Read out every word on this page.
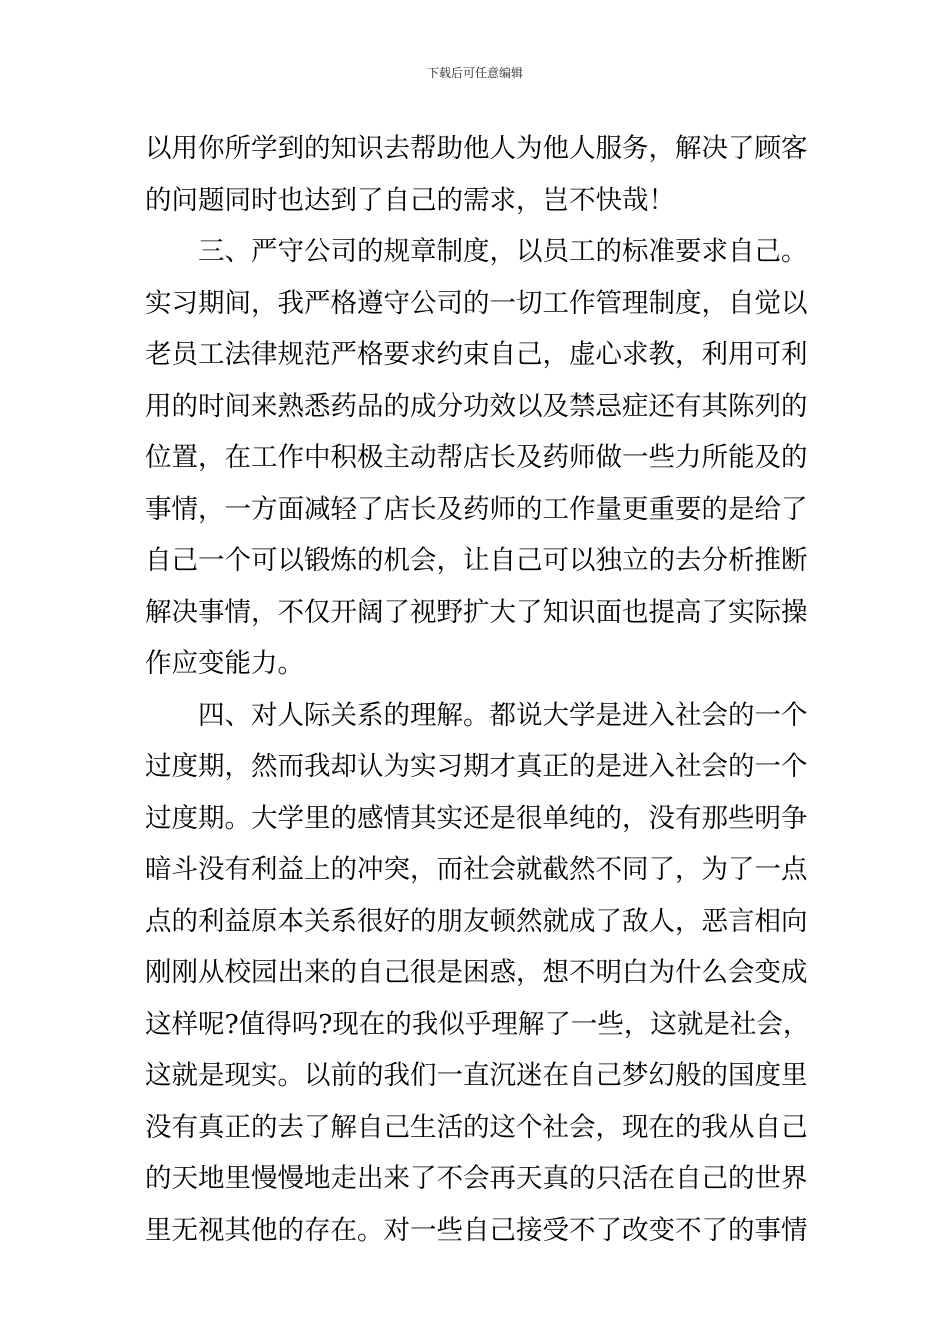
下载后可任意编辑
以用你所学到的知识去帮助他人为他人服务，解决了顾客
的问题同时也达到了自己的需求，岂不快哉！
三、严守公司的规章制度，以员工的标准要求自己。
实习期间，我严格遵守公司的一切工作管理制度，自觉以
老员工法律规范严格要求约束自己，虚心求教，利用可利
用的时间来熟悉药品的成分功效以及禁忌症还有其陈列的
位置，在工作中积极主动帮店长及药师做一些力所能及的
事情，一方面减轻了店长及药师的工作量更重要的是给了
自己一个可以锻炼的机会，让自己可以独立的去分析推断
解决事情，不仅开阔了视野扩大了知识面也提高了实际操
作应变能力。
四、对人际关系的理解。都说大学是进入社会的一个
过度期，然而我却认为实习期才真正的是进入社会的一个
过度期。大学里的感情其实还是很单纯的，没有那些明争
暗斗没有利益上的冲突，而社会就截然不同了，为了一点
点的利益原本关系很好的朋友顿然就成了敌人，恶言相向
刚刚从校园出来的自己很是困惑，想不明白为什么会变成
这样呢?值得吗?现在的我似乎理解了一些，这就是社会，
这就是现实。以前的我们一直沉迷在自己梦幻般的国度里
没有真正的去了解自己生活的这个社会，现在的我从自己
的天地里慢慢地走出来了不会再天真的只活在自己的世界
里无视其他的存在。对一些自己接受不了改变不了的事情
